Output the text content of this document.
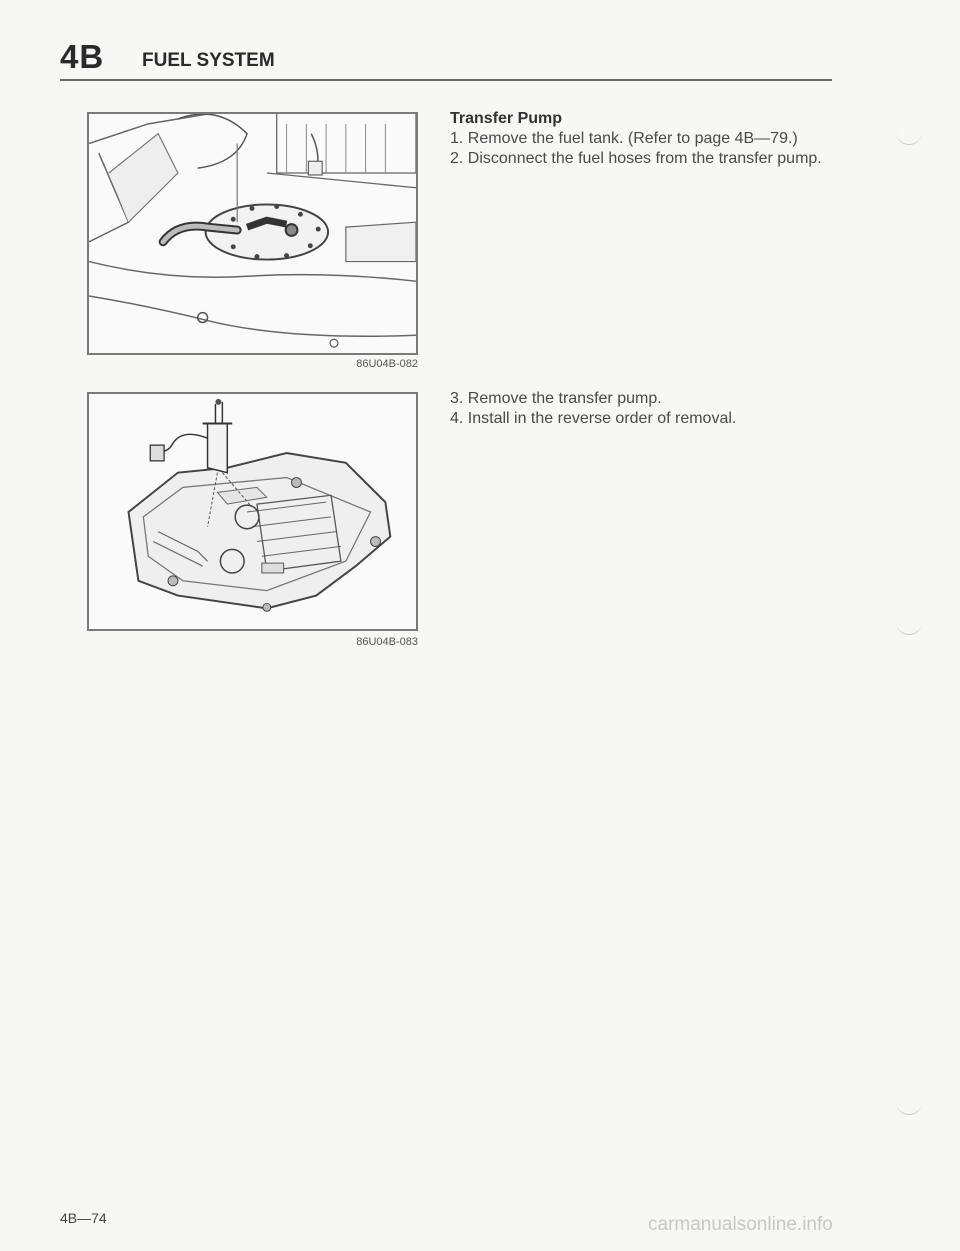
4B FUEL SYSTEM
86U04B-082
86U04B-083
Transfer Pump
1. Remove the fuel tank. (Refer to page 4B—79.)
2. Disconnect the fuel hoses from the transfer pump.
3. Remove the transfer pump.
4. Install in the reverse order of removal.
4B—74	carmanualsonline.info
